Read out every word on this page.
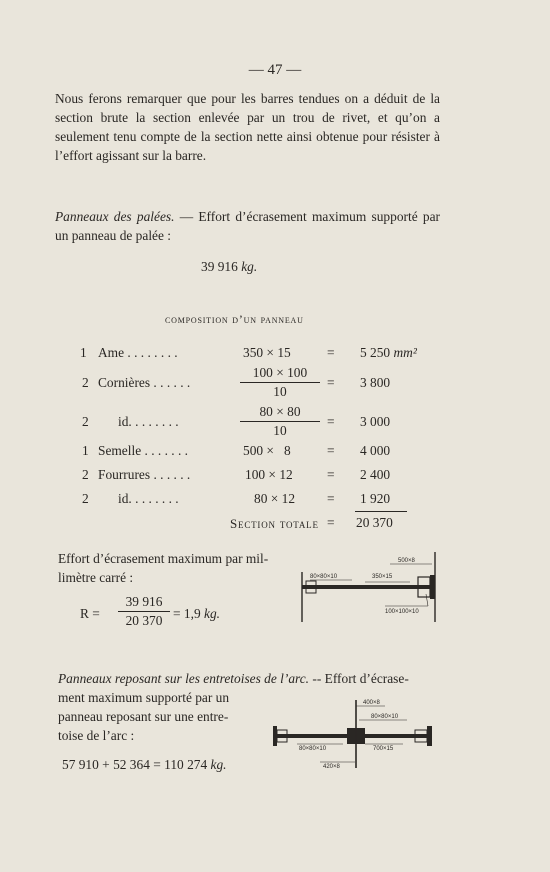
— 47 —
Nous ferons remarquer que pour les barres tendues on a déduit de la section brute la section enlevée par un trou de rivet, et qu’on a seulement tenu compte de la section nette ainsi obtenue pour résister à l’effort agissant sur la barre.
Panneaux des palées. — Effort d’écrasement maximum supporté par un panneau de palée :
39 916 kg.
composition d’un panneau
1 Ame . . . . . . . .	350 × 15	= 5 250 mm²
2 Cornières . . . . . .	$\frac{100 \times 100}{10} = 3$ 800
2 id. . . . . . . .	$\frac{80 \times 80}{10} = 3$ 000
1 Semelle . . . . . . .	500 ×   8	= 4 000
2 Fourrures . . . . . .	100 × 12	= 2 400
2 id. . . . . . . .	80 × 12 = 1 920
Section totale = 20 370
Effort d’écrasement maximum par mil-
limètre carré :
$R = \frac{39 916}{20 370} = 1,9$ kg.
500×8
80×80×10	350×15
100×100×10
Panneaux reposant sur les entretoises de l’arc. -- Effort d’écrase-
ment maximum supporté par un
panneau reposant sur une entre-
toise de l’arc :
57 910 + 52 364 = 110 274 kg.
400×8
80×80×10
80×80×10	700×15
420×8
